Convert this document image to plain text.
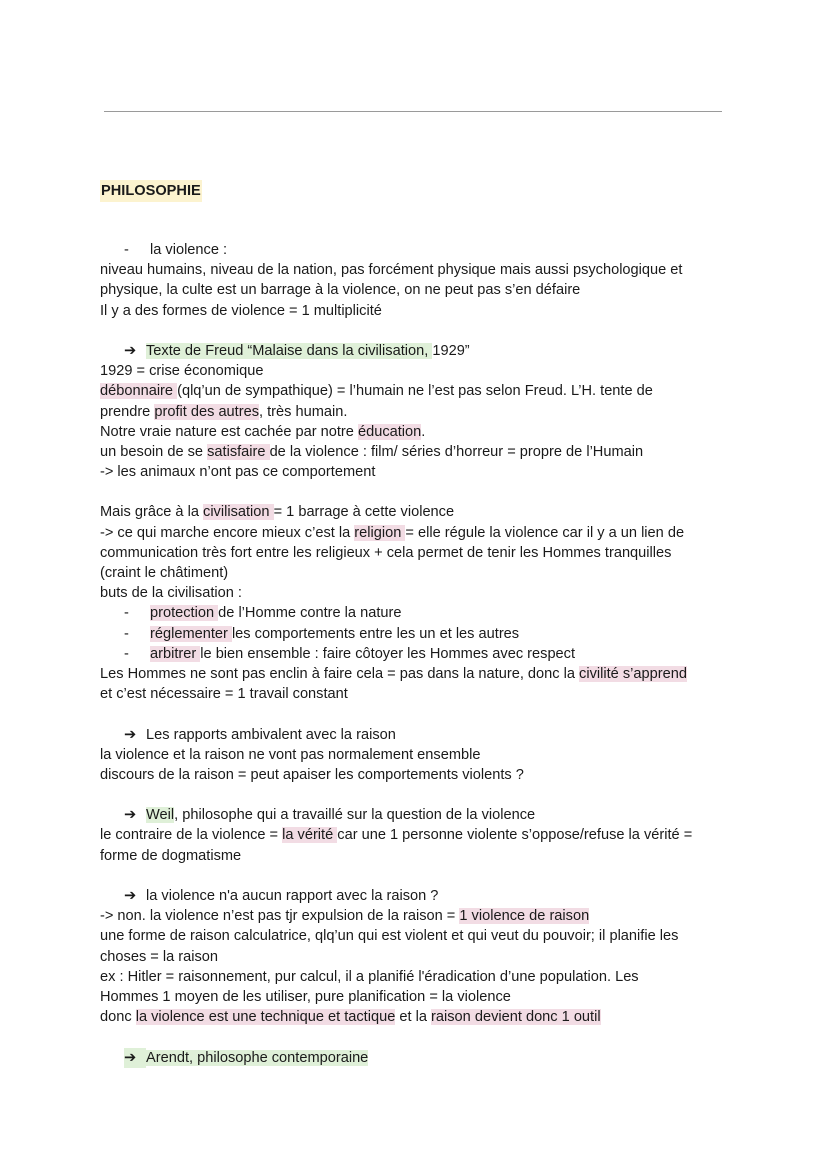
PHILOSOPHIE
- la violence :
niveau humains, niveau de la nation, pas forcément physique mais aussi psychologique et
physique, la culte est un barrage à la violence, on ne peut pas s’en défaire
Il y a des formes de violence = 1 multiplicité
➔ Texte de Freud “Malaise dans la civilisation, 1929”
1929 = crise économique
débonnaire (qlq’un de sympathique) = l’humain ne l’est pas selon Freud. L’H. tente de
prendre profit des autres, très humain.
Notre vraie nature est cachée par notre éducation.
un besoin de se satisfaire de la violence : film/ séries d’horreur = propre de l’Humain
-> les animaux n’ont pas ce comportement
Mais grâce à la civilisation = 1 barrage à cette violence
-> ce qui marche encore mieux c’est la religion = elle régule la violence car il y a un lien de
communication très fort entre les religieux + cela permet de tenir les Hommes tranquilles
(craint le châtiment)
buts de la civilisation :
- protection de l’Homme contre la nature
- réglementer les comportements entre les un et les autres
- arbitrer le bien ensemble : faire côtoyer les Hommes avec respect
Les Hommes ne sont pas enclin à faire cela = pas dans la nature, donc la civilité s’apprend
et c’est nécessaire = 1 travail constant
➔ Les rapports ambivalent avec la raison
la violence et la raison ne vont pas normalement ensemble
discours de la raison = peut apaiser les comportements violents ?
➔ Weil, philosophe qui a travaillé sur la question de la violence
le contraire de la violence = la vérité car une 1 personne violente s’oppose/refuse la vérité =
forme de dogmatisme
➔ la violence n'a aucun rapport avec la raison ?
-> non. la violence n’est pas tjr expulsion de la raison = 1 violence de raison
une forme de raison calculatrice, qlq’un qui est violent et qui veut du pouvoir; il planifie les
choses = la raison
ex : Hitler = raisonnement, pur calcul, il a planifié l'éradication d’une population. Les
Hommes 1 moyen de les utiliser, pure planification = la violence
donc la violence est une technique et tactique et la raison devient donc 1 outil
➔ Arendt, philosophe contemporaine
